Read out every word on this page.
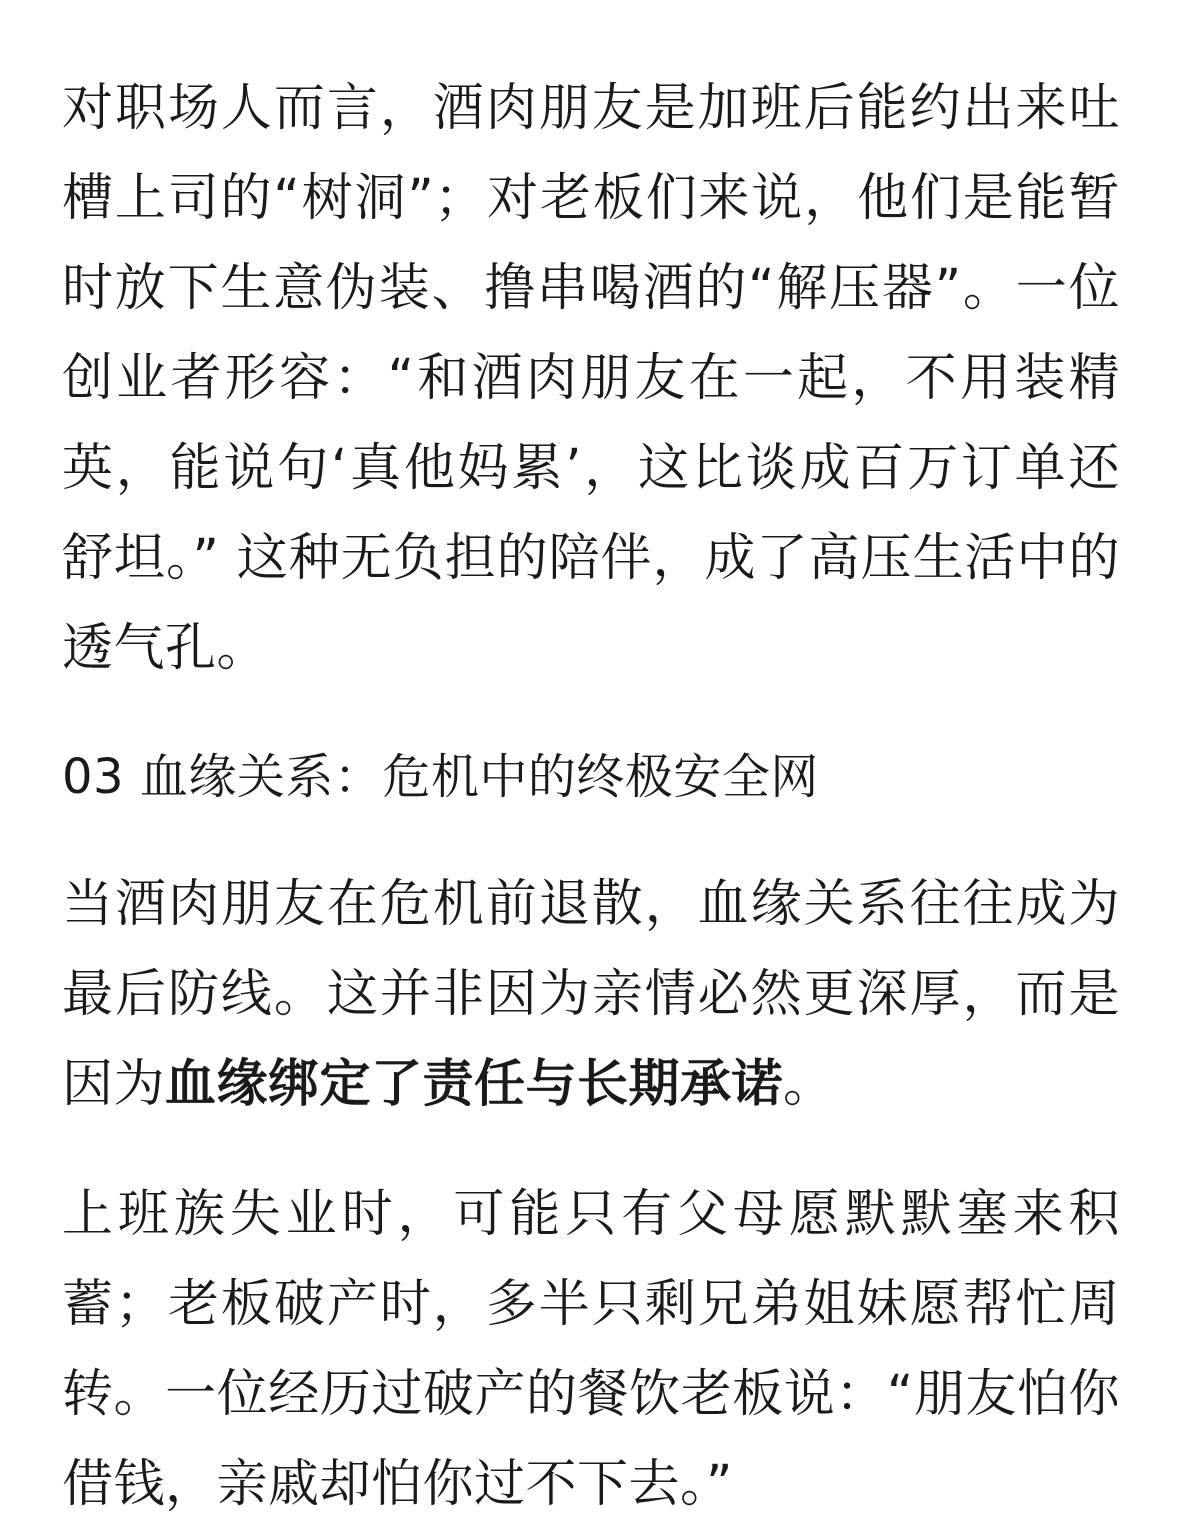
对职场人而言，酒肉朋友是加班后能约出来吐槽上司的“树洞”；对老板们来说，他们是能暂时放下生意伪装、撸串喝酒的“解压器”。一位创业者形容：“和酒肉朋友在一起，不用装精英，能说句‘真他妈累’，这比谈成百万订单还舒坦。” 这种无负担的陪伴，成了高压生活中的透气孔。

03 血缘关系：危机中的终极安全网

当酒肉朋友在危机前退散，血缘关系往往成为最后防线。这并非因为亲情必然更深厚，而是因为血缘绑定了责任与长期承诺。

上班族失业时，可能只有父母愿默默塞来积蓄；老板破产时，多半只剩兄弟姐妹愿帮忙周转。一位经历过破产的餐饮老板说：“朋友怕你借钱，亲戚却怕你过不下去。”
